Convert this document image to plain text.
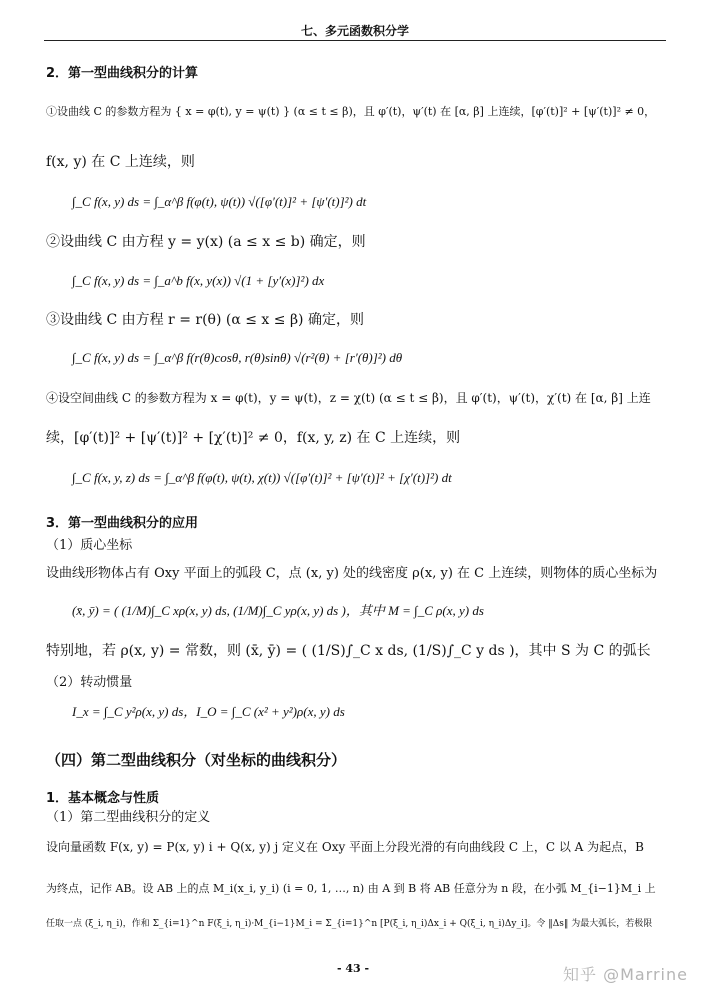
七、多元函数积分学
2．第一型曲线积分的计算
①设曲线 C 的参数方程为 { x = φ(t), y = ψ(t) } (α ≤ t ≤ β)，且 φ′(t)，ψ′(t) 在 [α, β] 上连续，[φ′(t)]² + [ψ′(t)]² ≠ 0，
f(x, y) 在 C 上连续，则
∫_C f(x, y) ds = ∫_α^β f(φ(t), ψ(t)) √([φ′(t)]² + [ψ′(t)]²) dt
②设曲线 C 由方程 y = y(x) (a ≤ x ≤ b) 确定，则
∫_C f(x, y) ds = ∫_a^b f(x, y(x)) √(1 + [y′(x)]²) dx
③设曲线 C 由方程 r = r(θ) (α ≤ x ≤ β) 确定，则
∫_C f(x, y) ds = ∫_α^β f(r(θ)cosθ, r(θ)sinθ) √(r²(θ) + [r′(θ)]²) dθ
④设空间曲线 C 的参数方程为 x = φ(t)，y = ψ(t)，z = χ(t) (α ≤ t ≤ β)，且 φ′(t)，ψ′(t)，χ′(t) 在 [α, β] 上连
续，[φ′(t)]² + [ψ′(t)]² + [χ′(t)]² ≠ 0，f(x, y, z) 在 C 上连续，则
∫_C f(x, y, z) ds = ∫_α^β f(φ(t), ψ(t), χ(t)) √([φ′(t)]² + [ψ′(t)]² + [χ′(t)]²) dt
3．第一型曲线积分的应用
（1）质心坐标
设曲线形物体占有 Oxy 平面上的弧段 C，点 (x, y) 处的线密度 ρ(x, y) 在 C 上连续，则物体的质心坐标为
(x̄, ȳ) = ( (1/M)∫_C xρ(x, y) ds, (1/M)∫_C yρ(x, y) ds )，其中 M = ∫_C ρ(x, y) ds
特别地，若 ρ(x, y) = 常数，则 (x̄, ȳ) = ( (1/S)∫_C x ds, (1/S)∫_C y ds )，其中 S 为 C 的弧长
（2）转动惯量
I_x = ∫_C y²ρ(x, y) ds，I_O = ∫_C (x² + y²)ρ(x, y) ds
（四）第二型曲线积分（对坐标的曲线积分）
1．基本概念与性质
（1）第二型曲线积分的定义
设向量函数 F(x, y) = P(x, y) i + Q(x, y) j 定义在 Oxy 平面上分段光滑的有向曲线段 C 上，C 以 A 为起点，B
为终点，记作 AB。设 AB 上的点 M_i(x_i, y_i) (i = 0, 1, …, n) 由 A 到 B 将 AB 任意分为 n 段，在小弧 M_{i−1}M_i 上
任取一点 (ξ_i, η_i)，作和 Σ_{i=1}^n F(ξ_i, η_i)·M_{i−1}M_i = Σ_{i=1}^n [P(ξ_i, η_i)Δx_i + Q(ξ_i, η_i)Δy_i]。令 ‖Δs‖ 为最大弧长，若极限
- 43 -	知乎 @Marrine
